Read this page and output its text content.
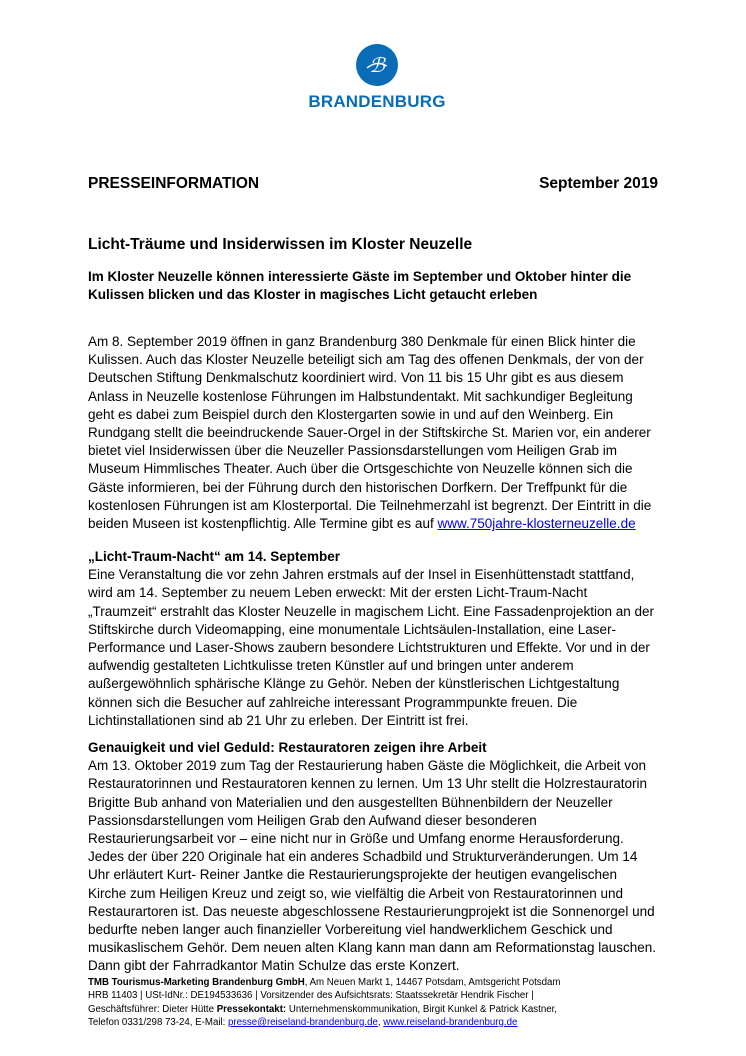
ℬ
BRANDENBURG
PRESSEINFORMATION	September 2019
Licht-Träume und Insiderwissen im Kloster Neuzelle
Im Kloster Neuzelle können interessierte Gäste im September und Oktober hinter die Kulissen blicken und das Kloster in magisches Licht getaucht erleben

Am 8. September 2019 öffnen in ganz Brandenburg 380 Denkmale für einen Blick hinter die Kulissen. Auch das Kloster Neuzelle beteiligt sich am Tag des offenen Denkmals, der von der Deutschen Stiftung Denkmalschutz koordiniert wird. Von 11 bis 15 Uhr gibt es aus diesem Anlass in Neuzelle kostenlose Führungen im Halbstundentakt. Mit sachkundiger Begleitung geht es dabei zum Beispiel durch den Klostergarten sowie in und auf den Weinberg. Ein Rundgang stellt die beeindruckende Sauer-Orgel in der Stiftskirche St. Marien vor, ein anderer bietet viel Insiderwissen über die Neuzeller Passionsdarstellungen vom Heiligen Grab im Museum Himmlisches Theater. Auch über die Ortsgeschichte von Neuzelle können sich die Gäste informieren, bei der Führung durch den historischen Dorfkern. Der Treffpunkt für die kostenlosen Führungen ist am Klosterportal. Die Teilnehmerzahl ist begrenzt. Der Eintritt in die beiden Museen ist kostenpflichtig. Alle Termine gibt es auf www.750jahre-klosterneuzelle.de

„Licht-Traum-Nacht“ am 14. September
Eine Veranstaltung die vor zehn Jahren erstmals auf der Insel in Eisenhüttenstadt stattfand, wird am 14. September zu neuem Leben erweckt: Mit der ersten Licht-Traum-Nacht „Traumzeit“ erstrahlt das Kloster Neuzelle in magischem Licht. Eine Fassadenprojektion an der Stiftskirche durch Videomapping, eine monumentale Lichtsäulen-Installation, eine Laser-Performance und Laser-Shows zaubern besondere Lichtstrukturen und Effekte. Vor und in der aufwendig gestalteten Lichtkulisse treten Künstler auf und bringen unter anderem außergewöhnlich sphärische Klänge zu Gehör. Neben der künstlerischen Lichtgestaltung können sich die Besucher auf zahlreiche interessant Programmpunkte freuen. Die Lichtinstallationen sind ab 21 Uhr zu erleben. Der Eintritt ist frei.
Genauigkeit und viel Geduld: Restauratoren zeigen ihre Arbeit
Am 13. Oktober 2019 zum Tag der Restaurierung haben Gäste die Möglichkeit, die Arbeit von Restauratorinnen und Restauratoren kennen zu lernen. Um 13 Uhr stellt die Holzrestauratorin Brigitte Bub anhand von Materialien und den ausgestellten Bühnenbildern der Neuzeller Passionsdarstellungen vom Heiligen Grab den Aufwand dieser besonderen Restaurierungsarbeit vor – eine nicht nur in Größe und Umfang enorme Herausforderung. Jedes der über 220 Originale hat ein anderes Schadbild und Strukturveränderungen. Um 14 Uhr erläutert Kurt- Reiner Jantke die Restaurierungsprojekte der heutigen evangelischen Kirche zum Heiligen Kreuz und zeigt so, wie vielfältig die Arbeit von Restauratorinnen und Restaurartoren ist. Das neueste abgeschlossene Restaurierungprojekt ist die Sonnenorgel und bedurfte neben langer auch finanzieller Vorbereitung viel handwerklichem Geschick und musikaslischem Gehör. Dem neuen alten Klang kann man dann am Reformationstag lauschen. Dann gibt der Fahrradkantor Matin Schulze das erste Konzert.
TMB Tourismus-Marketing Brandenburg GmbH, Am Neuen Markt 1, 14467 Potsdam, Amtsgericht Potsdam
HRB 11403 | USt-IdNr.: DE194533636 | Vorsitzender des Aufsichtsrats: Staatssekretär Hendrik Fischer |
Geschäftsführer: Dieter Hütte Pressekontakt: Unternehmenskommunikation, Birgit Kunkel & Patrick Kastner,
Telefon 0331/298 73-24, E-Mail: presse@reiseland-brandenburg.de, www.reiseland-brandenburg.de
